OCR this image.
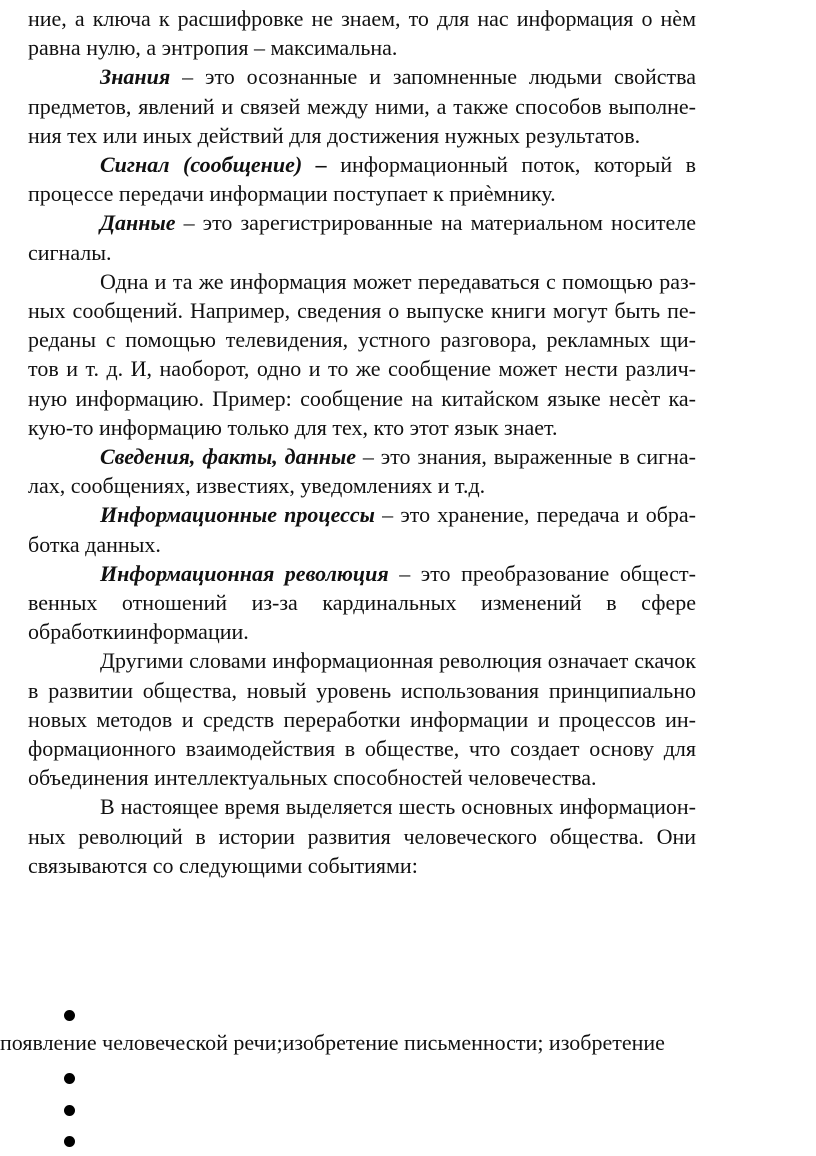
ние, а ключа к расшифровке не знаем, то для нас информация о нѐм равна нулю, а энтропия – максимальна.

Знания – это осознанные и запомненные людьми свойства предметов, явлений и связей между ними, а также способов выполне-ния тех или иных действий для достижения нужных результатов.

Сигнал (сообщение) – информационный поток, который в процессе передачи информации поступает к приѐмнику.

Данные – это зарегистрированные на материальном носителе сигналы.

Одна и та же информация может передаваться с помощью раз- ных сообщений. Например, сведения о выпуске книги могут быть пе- реданы с помощью телевидения, устного разговора, рекламных щи- тов и т. д. И, наоборот, одно и то же сообщение может нести различ- ную информацию. Пример: сообщение на китайском языке несѐт ка- кую-то информацию только для тех, кто этот язык знает.

Сведения, факты, данные – это знания, выраженные в сигна- лах, сообщениях, известиях, уведомлениях и т.д.

Информационные процессы – это хранение, передача и обра- ботка данных.

Информационная революция – это преобразование общест-венных отношений из-за кардинальных изменений в сфере обработкиинформации.

Другими словами информационная революция означает скачок в развитии общества, новый уровень использования принципиально новых методов и средств переработки информации и процессов ин- формационного взаимодействия в обществе, что создает основу для объединения интеллектуальных способностей человечества.

В настоящее время выделяется шесть основных информацион- ных революций в истории развития человеческого общества. Они связываются со следующими событиями:

появление человеческой речи;изобретение письменности; изобретение
